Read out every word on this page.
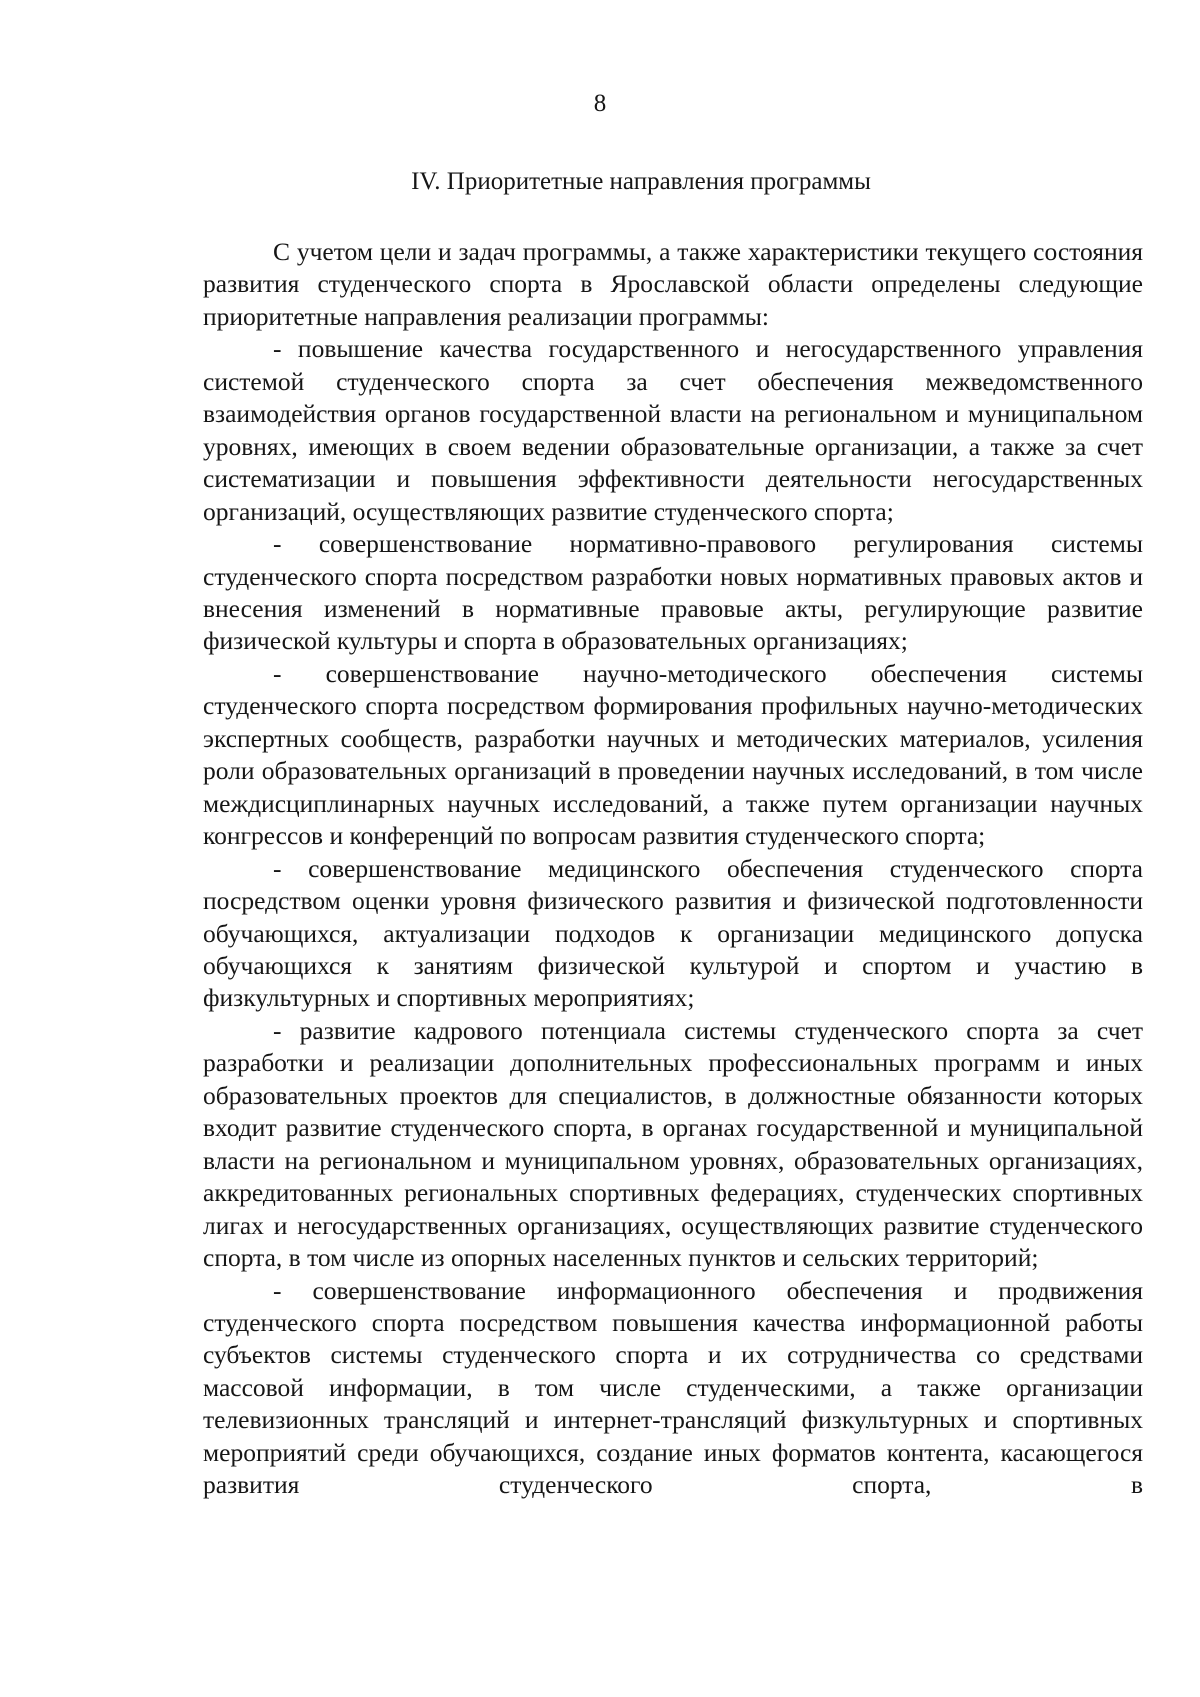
8
IV. Приоритетные направления программы

С учетом цели и задач программы, а также характеристики текущего состояния развития студенческого спорта в Ярославской области определены следующие приоритетные направления реализации программы:

- повышение качества государственного и негосударственного управления системой студенческого спорта за счет обеспечения межведомственного взаимодействия органов государственной власти на региональном и муниципальном уровнях, имеющих в своем ведении образовательные организации, а также за счет систематизации и повышения эффективности деятельности негосударственных организаций, осуществляющих развитие студенческого спорта;

- совершенствование нормативно-правового регулирования системы студенческого спорта посредством разработки новых нормативных правовых актов и внесения изменений в нормативные правовые акты, регулирующие развитие физической культуры и спорта в образовательных организациях;

- совершенствование научно-методического обеспечения системы студенческого спорта посредством формирования профильных научно-методических экспертных сообществ, разработки научных и методических материалов, усиления роли образовательных организаций в проведении научных исследований, в том числе междисциплинарных научных исследований, а также путем организации научных конгрессов и конференций по вопросам развития студенческого спорта;

- совершенствование медицинского обеспечения студенческого спорта посредством оценки уровня физического развития и физической подготовленности обучающихся, актуализации подходов к организации медицинского допуска обучающихся к занятиям физической культурой и спортом и участию в физкультурных и спортивных мероприятиях;

- развитие кадрового потенциала системы студенческого спорта за счет разработки и реализации дополнительных профессиональных программ и иных образовательных проектов для специалистов, в должностные обязанности которых входит развитие студенческого спорта, в органах государственной и муниципальной власти на региональном и муниципальном уровнях, образовательных организациях, аккредитованных региональных спортивных федерациях, студенческих спортивных лигах и негосударственных организациях, осуществляющих развитие студенческого спорта, в том числе из опорных населенных пунктов и сельских территорий;

- совершенствование информационного обеспечения и продвижения студенческого спорта посредством повышения качества информационной работы субъектов системы студенческого спорта и их сотрудничества со средствами массовой информации, в том числе студенческими, а также организации телевизионных трансляций и интернет-трансляций физкультурных и спортивных мероприятий среди обучающихся, создание иных форматов контента, касающегося развития студенческого спорта, в
